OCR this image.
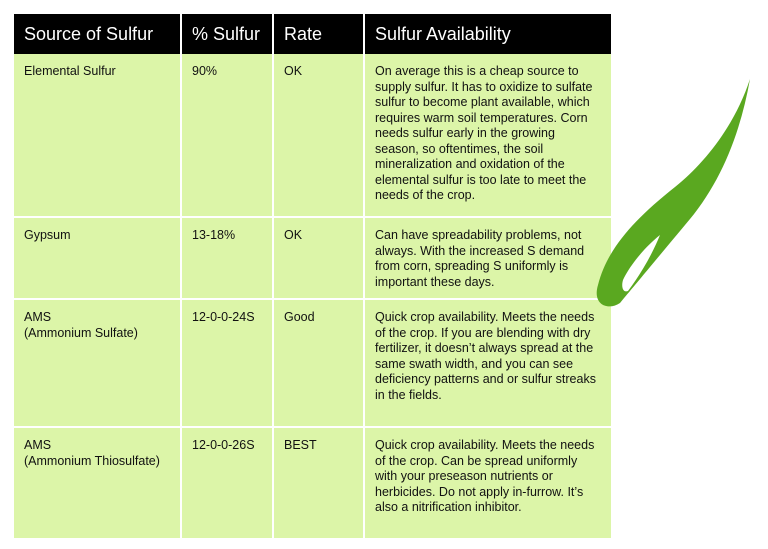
Source of Sulfur	% Sulfur	Rate	Sulfur Availability

Elemental Sulfur	90%	OK	On average this is a cheap source to supply sulfur. It has to oxidize to sulfate sulfur to become plant available, which requires warm soil temperatures. Corn needs sulfur early in the growing season, so oftentimes, the soil mineralization and oxidation of the elemental sulfur is too late to meet the needs of the crop.

Gypsum	13-18%	OK	Can have spreadability problems, not always. With the increased S demand from corn, spreading S uniformly is important these days.

AMS
(Ammonium Sulfate)	12-0-0-24S	Good	Quick crop availability. Meets the needs of the crop. If you are blending with dry fertilizer, it doesn’t always spread at the same swath width, and you can see deficiency patterns and or sulfur streaks in the fields.

AMS
(Ammonium Thiosulfate)	12-0-0-26S	BEST	Quick crop availability. Meets the needs of the crop. Can be spread uniformly with your preseason nutrients or herbicides. Do not apply in-furrow. It’s also a nitrification inhibitor.
